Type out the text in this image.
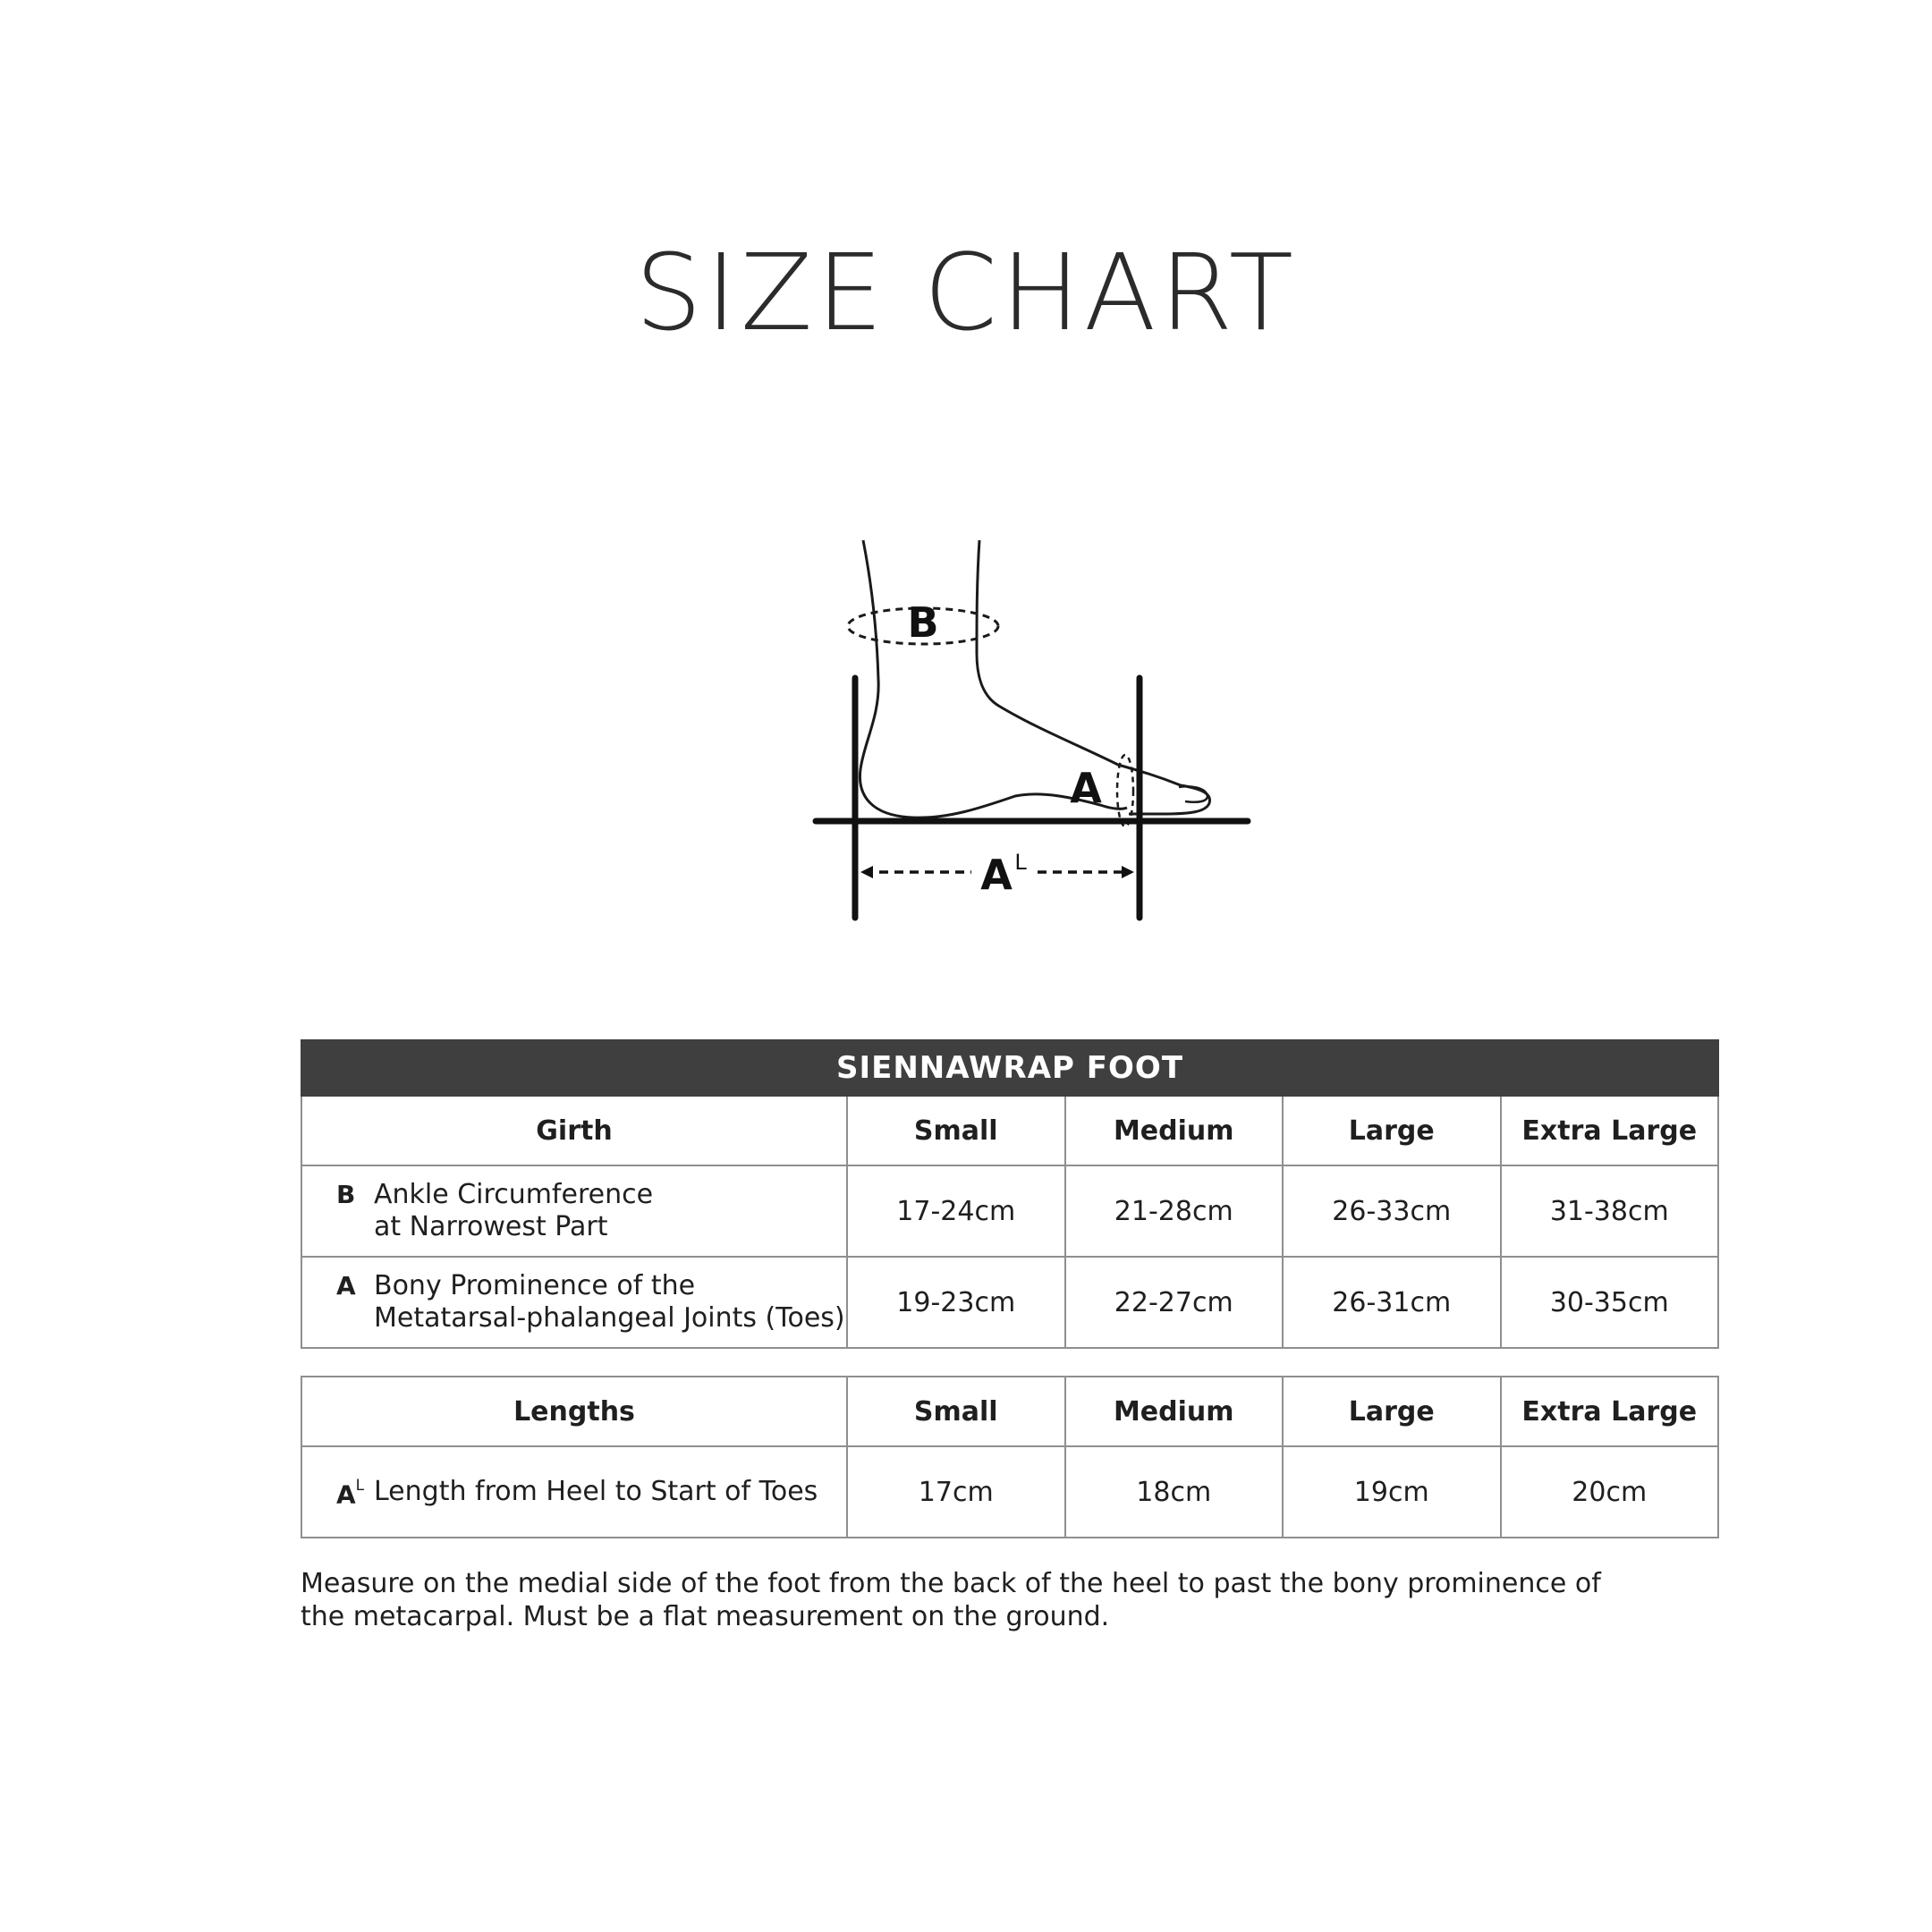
SIZE CHART
B
A
A L
SIENNAWRAP FOOT				
Girth	Small	Medium	Large	Extra Large

B Ankle Circumference
at Narrowest Part	17-24cm	21-28cm	26-33cm	31-38cm

A Bony Prominence of the
Metatarsal-phalangeal Joints (Toes)	19-23cm	22-27cm	26-31cm	30-35cm
Lengths	Small	Medium	Large	Extra Large

$A^L$ Length from Heel to Start of Toes	17cm	18cm	19cm	20cm
Measure on the medial side of the foot from the back of the heel to past the bony prominence of
the metacarpal. Must be a flat measurement on the ground.
